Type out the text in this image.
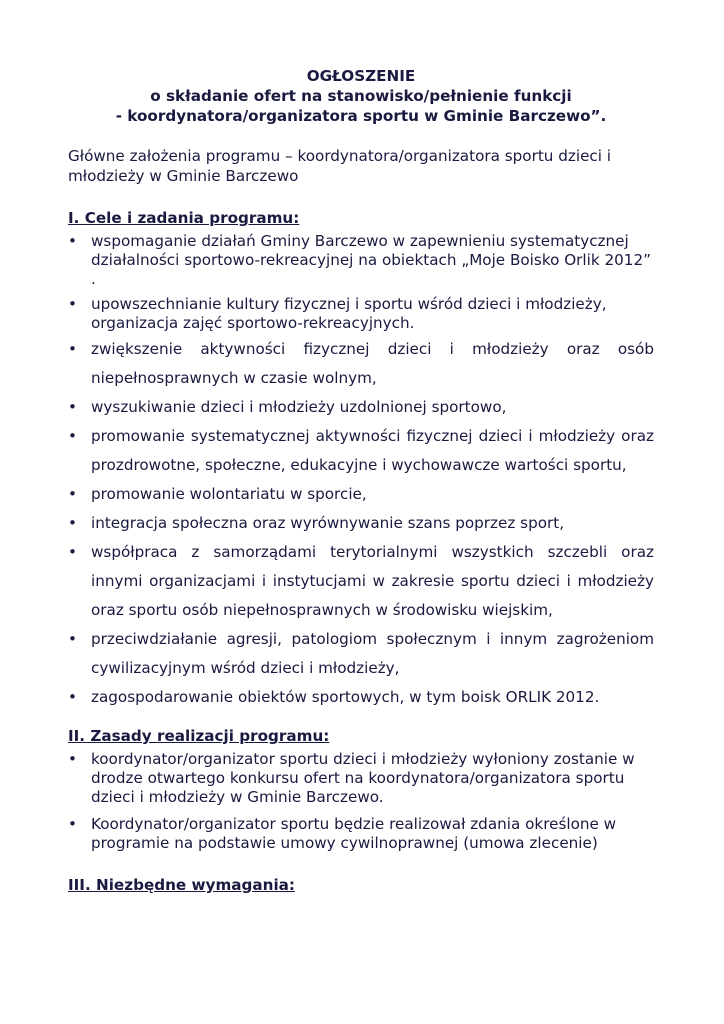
OGŁOSZENIE
o składanie ofert na stanowisko/pełnienie funkcji
- koordynatora/organizatora sportu w Gminie Barczewo”.

Główne założenia programu – koordynatora/organizatora sportu dzieci i młodzieży w Gminie Barczewo

I. Cele i zadania programu:
• wspomaganie działań Gminy Barczewo w zapewnieniu systematycznej działalności sportowo-rekreacyjnej na obiektach „Moje Boisko Orlik 2012” .
• upowszechnianie kultury fizycznej i sportu wśród dzieci i młodzieży, organizacja zajęć sportowo-rekreacyjnych.
• zwiększenie aktywności fizycznej dzieci i młodzieży oraz osób niepełnosprawnych w czasie wolnym,
• wyszukiwanie dzieci i młodzieży uzdolnionej sportowo,
• promowanie systematycznej aktywności fizycznej dzieci i młodzieży oraz prozdrowotne, społeczne, edukacyjne i wychowawcze wartości sportu,
• promowanie wolontariatu w sporcie,
• integracja społeczna oraz wyrównywanie szans poprzez sport,
• współpraca z samorządami terytorialnymi wszystkich szczebli oraz innymi organizacjami i instytucjami w zakresie sportu dzieci i młodzieży oraz sportu osób niepełnosprawnych w środowisku wiejskim,
• przeciwdziałanie agresji, patologiom społecznym i innym zagrożeniom cywilizacyjnym wśród dzieci i młodzieży,
• zagospodarowanie obiektów sportowych, w tym boisk ORLIK 2012.
II. Zasady realizacji programu:
• koordynator/organizator sportu dzieci i młodzieży wyłoniony zostanie w drodze otwartego konkursu ofert na koordynatora/organizatora sportu dzieci i młodzieży w Gminie Barczewo.
• Koordynator/organizator sportu będzie realizował zdania określone w programie na podstawie umowy cywilnoprawnej (umowa zlecenie)
III. Niezbędne wymagania:
